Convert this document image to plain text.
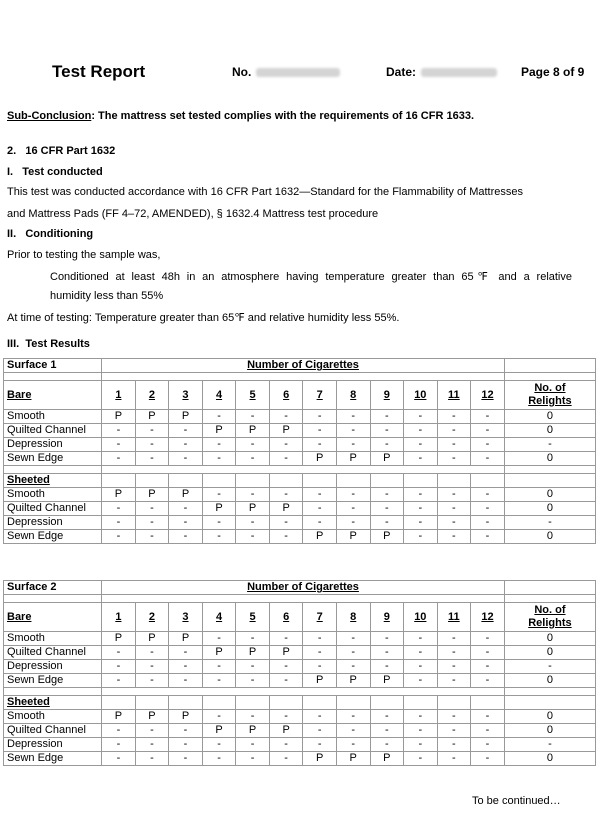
Test Report	No.	Date:	Page 8 of 9
Sub-Conclusion: The mattress set tested complies with the requirements of 16 CFR 1633.
2. 16 CFR Part 1632
I.   Test conducted
This test was conducted accordance with 16 CFR Part 1632—Standard for the Flammability of Mattresses
and Mattress Pads (FF 4–72, AMENDED), § 1632.4 Mattress test procedure
II.   Conditioning
Prior to testing the sample was,
Conditioned at least 48h in an atmosphere having temperature greater than 65℉ and a relative
humidity less than 55%
At time of testing: Temperature greater than 65℉ and relative humidity less 55%.
III.  Test Results
Surface 1	Number of Cigarettes												

Bare	1	2	3	4	5	6	7	8	9	10	11	12	No. of
Relights

Smooth	P	P	P	-	-	-	-	-	-	-	-	-	0
Quilted Channel	-	-	-	P	P	P	-	-	-	-	-	-	0
Depression	-	-	-	-	-	-	-	-	-	-	-	-	-
Sewn Edge	-	-	-	-	-	-	P	P	P	-	-	-	0

Sheeted													
Smooth	P	P	P	-	-	-	-	-	-	-	-	-	0
Quilted Channel	-	-	-	P	P	P	-	-	-	-	-	-	0
Depression	-	-	-	-	-	-	-	-	-	-	-	-	-
Sewn Edge	-	-	-	-	-	-	P	P	P	-	-	-	0
Surface 2	Number of Cigarettes												

Bare	1	2	3	4	5	6	7	8	9	10	11	12	No. of
Relights

Smooth	P	P	P	-	-	-	-	-	-	-	-	-	0
Quilted Channel	-	-	-	P	P	P	-	-	-	-	-	-	0
Depression	-	-	-	-	-	-	-	-	-	-	-	-	-
Sewn Edge	-	-	-	-	-	-	P	P	P	-	-	-	0

Sheeted													
Smooth	P	P	P	-	-	-	-	-	-	-	-	-	0
Quilted Channel	-	-	-	P	P	P	-	-	-	-	-	-	0
Depression	-	-	-	-	-	-	-	-	-	-	-	-	-
Sewn Edge	-	-	-	-	-	-	P	P	P	-	-	-	0
To be continued…
